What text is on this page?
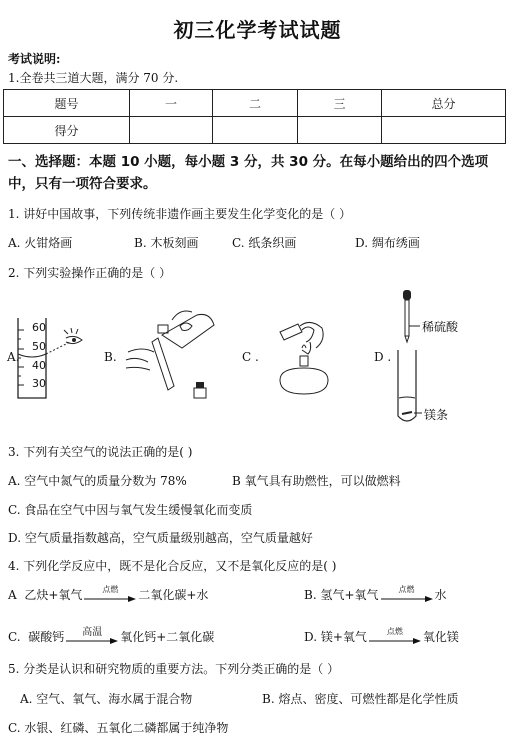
初三化学考试试题
考试说明:
1.全卷共三道大题，满分 70 分.
题号	一	二	三	总分
得分				
一、选择题：本题 10 小题，每小题 3 分，共 30 分。在每小题给出的四个选项
中，只有一项符合要求。
1. 讲好中国故事，下列传统非遗作画主要发生化学变化的是（ ）
A. 火钳烙画	B. 木板刻画	C. 纸条织画	D. 绸布绣画
2. 下列实验操作正确的是（ ）
A.
60
50
40
30
B.	C .	D .
稀硫酸
镁条
3. 下列有关空气的说法正确的是( )
A. 空气中氮气的质量分数为 78%	B 氧气具有助燃性，可以做燃料
C. 食品在空气中因与氧气发生缓慢氧化而变质
D. 空气质量指数越高，空气质量级别越高，空气质量越好
4. 下列化学反应中，既不是化合反应，又不是氧化反应的是( )
A
乙炔+氧气	点燃	二氧化碳+水	B.
氢气+氧气	点燃	水
C.
碳酸钙	高温	氧化钙+二氧化碳	D.
镁+氧气	点燃	氧化镁
5. 分类是认识和研究物质的重要方法。下列分类正确的是（ ）
A. 空气、氧气、海水属于混合物	B. 熔点、密度、可燃性都是化学性质
C. 水银、红磷、五氧化二磷都属于纯净物
